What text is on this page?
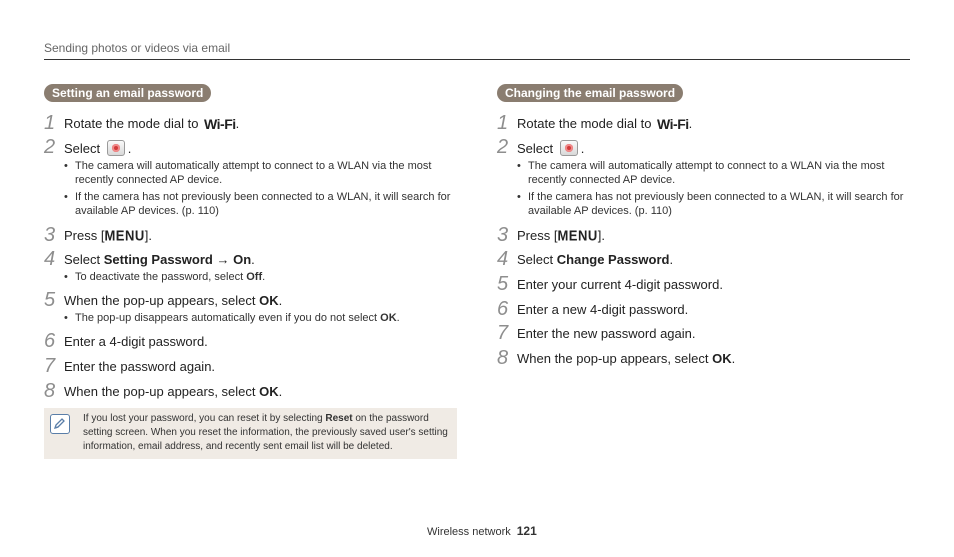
Sending photos or videos via email
Setting an email password
1 Rotate the mode dial to Wi-Fi.
2 Select .
• The camera will automatically attempt to connect to a WLAN via the most recently connected AP device.
• If the camera has not previously been connected to a WLAN, it will search for available AP devices. (p. 110)
3 Press [MENU].
4 Select Setting Password → On.
• To deactivate the password, select Off.
5 When the pop-up appears, select OK.
• The pop-up disappears automatically even if you do not select OK.
6 Enter a 4-digit password.
7 Enter the password again.
8 When the pop-up appears, select OK.
If you lost your password, you can reset it by selecting Reset on the password setting screen. When you reset the information, the previously saved user's setting information, email address, and recently sent email list will be deleted.
Changing the email password
1 Rotate the mode dial to Wi-Fi.
2 Select .
• The camera will automatically attempt to connect to a WLAN via the most recently connected AP device.
• If the camera has not previously been connected to a WLAN, it will search for available AP devices. (p. 110)
3 Press [MENU].
4 Select Change Password.
5 Enter your current 4-digit password.
6 Enter a new 4-digit password.
7 Enter the new password again.
8 When the pop-up appears, select OK.
Wireless network 121
